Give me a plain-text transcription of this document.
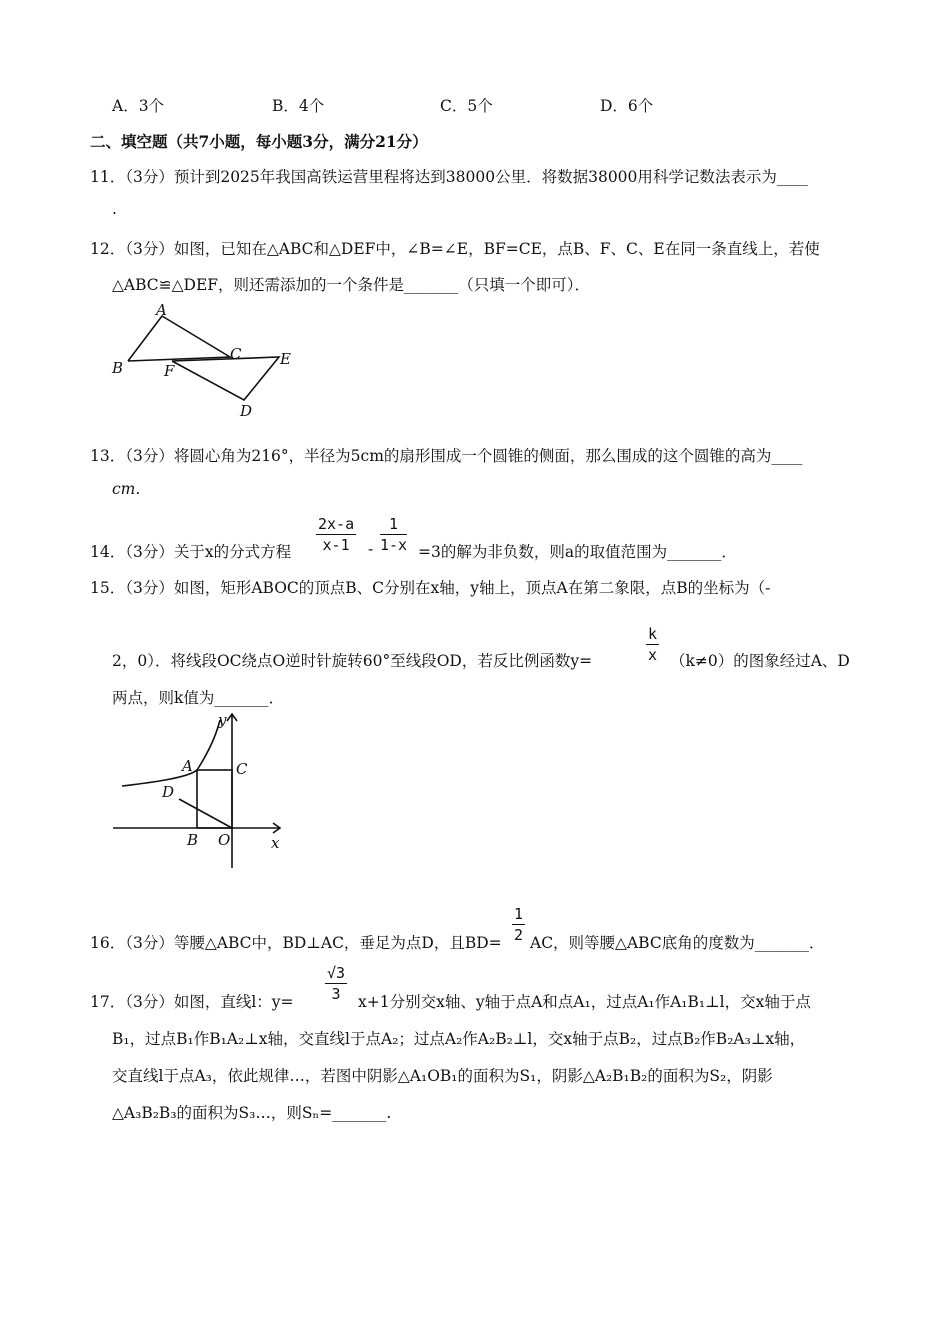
A．3个	B．4个	C．5个	D．6个
二、填空题（共7小题，每小题3分，满分21分）
11．（3分）预计到2025年我国高铁运营里程将达到38000公里．将数据38000用科学记数法表示为____
.
12．（3分）如图，已知在△ABC和△DEF中，∠B=∠E，BF=CE，点B、F、C、E在同一条直线上，若使
△ABC≌△DEF，则还需添加的一个条件是_______（只填一个即可）．
A
B
C
D
E
F
13．（3分）将圆心角为216°，半径为5cm的扇形围成一个圆锥的侧面，那么围成的这个圆锥的高为____
cm.
14．（3分）关于x的分式方程 $\frac{2x-a}{x-1} - \frac{1}{1-x} =3$的解为非负数，则a的取值范围为_______．
15．（3分）如图，矩形ABOC的顶点B、C分别在x轴，y轴上，顶点A在第二象限，点B的坐标为（-
2，0）．将线段OC绕点O逆时针旋转60°至线段OD，若反比例函数y=	$\frac{k}{x} (k\ne 0)$的图象经过A、D
两点，则k值为_______．
y
x
A	C
D
B O
16．（3分）等腰△ABC中，BD⊥AC，垂足为点D，且$BD= \frac{1}{2}$ AC，则等腰△ABC底角的度数为_______．
17．（3分）如图，直线l：$y= \frac{√3}{3} x+1$分别交x轴、y轴于点A和点A₁，过点A₁作A₁B₁⊥l，交x轴于点
B₁，过点B₁作B₁A₂⊥x轴，交直线l于点A₂；过点A₂作A₂B₂⊥l，交x轴于点B₂，过点B₂作B₂A₃⊥x轴，
交直线l于点A₃，依此规律…，若图中阴影△A₁OB₁的面积为S₁，阴影△A₂B₁B₂的面积为S₂，阴影
△A₃B₂B₃的面积为S₃…，则Sₙ=_______.
